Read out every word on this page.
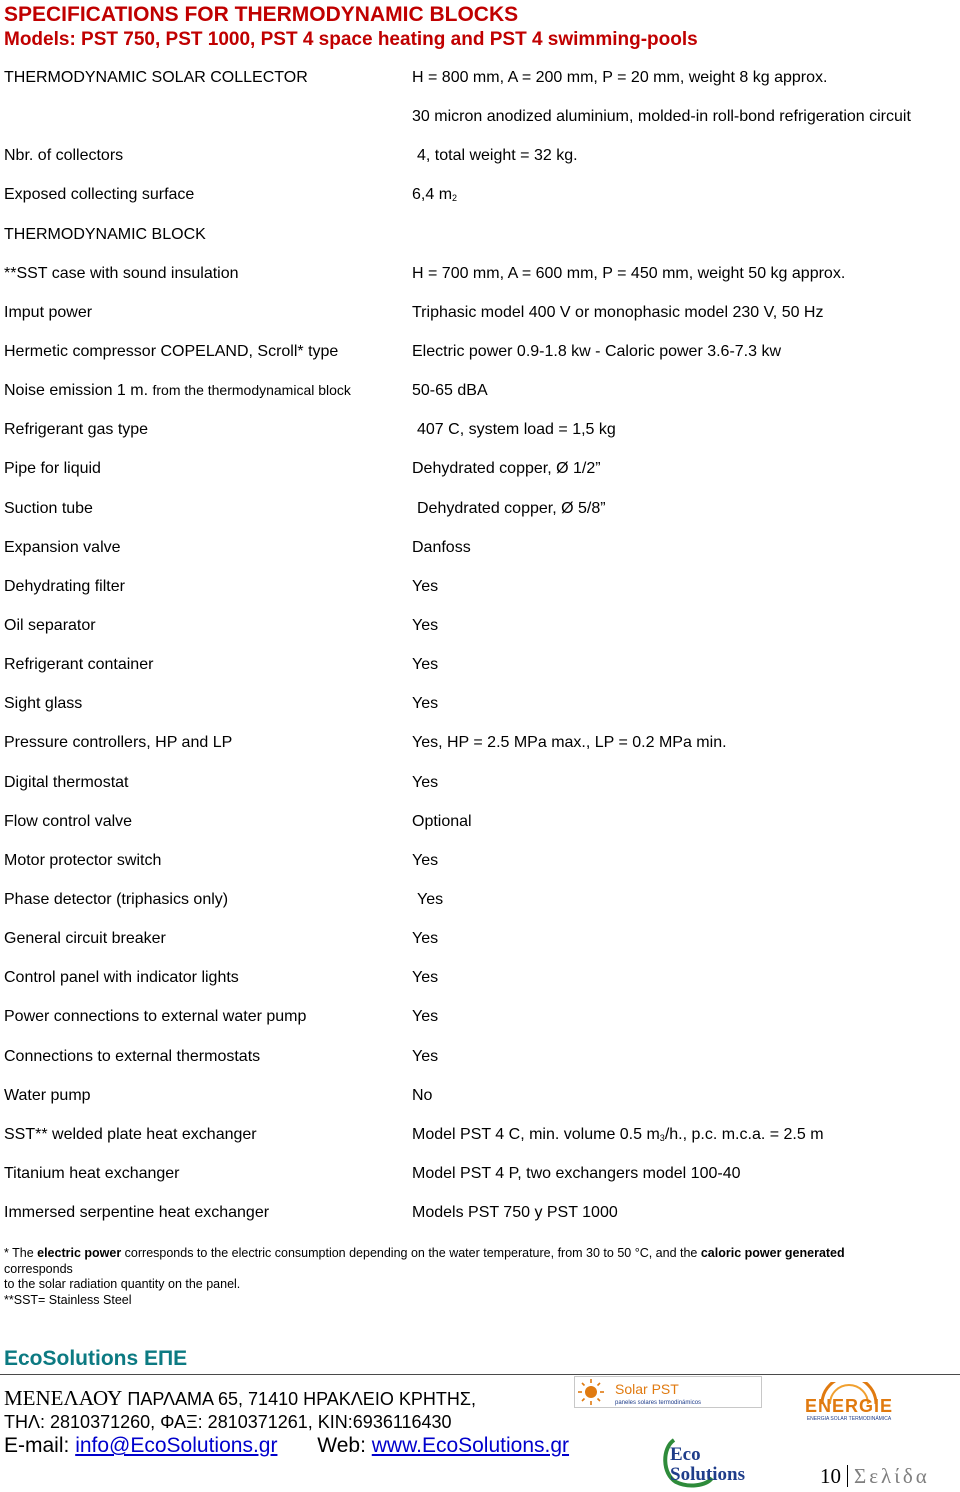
SPECIFICATIONS FOR THERMODYNAMIC BLOCKS
Models: PST 750, PST 1000, PST 4 space heating and PST 4 swimming-pools
THERMODYNAMIC SOLAR COLLECTOR	H = 800 mm, A = 200 mm, P = 20 mm, weight 8 kg approx.
30 micron anodized aluminium, molded-in roll-bond refrigeration circuit
Nbr. of collectors	4, total weight = 32 kg.
Exposed collecting surface	6,4 $m_2$
THERMODYNAMIC BLOCK
**SST case with sound insulation	H = 700 mm, A = 600 mm, P = 450 mm, weight 50 kg approx.
Imput power	Triphasic model 400 V or monophasic model 230 V, 50 Hz
Hermetic compressor COPELAND, Scroll* type	Electric power 0.9-1.8 kw - Caloric power 3.6-7.3 kw
Noise emission 1 m. from the thermodynamical block	50-65 dBA
Refrigerant gas type	407 C, system load = 1,5 kg
Pipe for liquid	Dehydrated copper, Ø 1/2”
Suction tube	Dehydrated copper, Ø 5/8”
Expansion valve	Danfoss
Dehydrating filter	Yes
Oil separator	Yes
Refrigerant container	Yes
Sight glass	Yes
Pressure controllers, HP and LP	Yes, HP = 2.5 MPa max., LP = 0.2 MPa min.
Digital thermostat	Yes
Flow control valve	Optional
Motor protector switch	Yes
Phase detector (triphasics only)	Yes
General circuit breaker	Yes
Control panel with indicator lights	Yes
Power connections to external water pump	Yes
Connections to external thermostats	Yes
Water pump	No
SST** welded plate heat exchanger	Model PST 4 C, min. volume 0.5 $m_3/h$., p.c. m.c.a. = 2.5 m
Titanium heat exchanger	Model PST 4 P, two exchangers model 100-40
Immersed serpentine heat exchanger	Models PST 750 y PST 1000
* The electric power corresponds to the electric consumption depending on the water temperature, from 30 to 50 °C, and the caloric power generated
corresponds
to the solar radiation quantity on the panel.
**SST= Stainless Steel
EcoSolutions ΕΠΕ
ΜΕΝΕΛΑΟΥ ΠΑΡΛΑΜΑ 65, 71410 ΗΡΑΚΛΕΙΟ ΚΡΗΤΗΣ,
ΤΗΛ: 2810371260, ΦΑΞ: 2810371261, ΚΙΝ:6936116430
E-mail: info@EcoSolutions.gr Web: www.EcoSolutions.gr
Solar PST
paneles solares termodinámicos	ENERGIE
ENERGIA SOLAR TERMODINÁMICA
Eco
Solutions	10 Σελίδα
